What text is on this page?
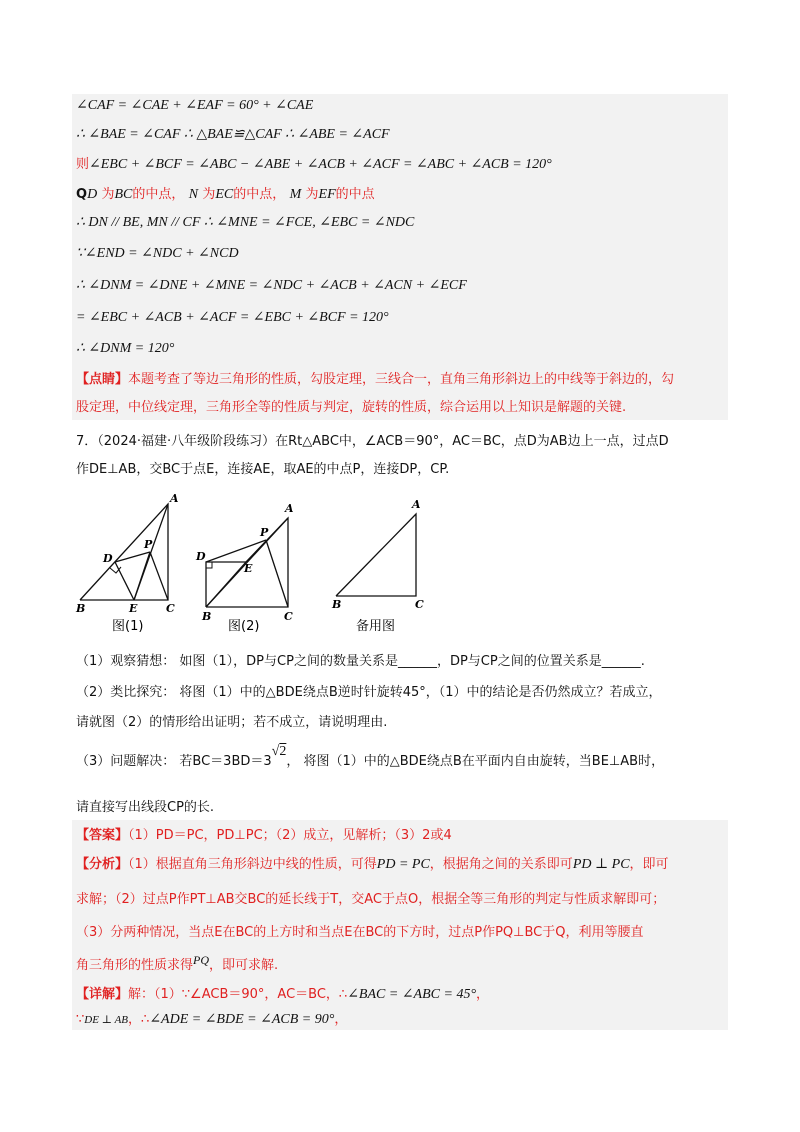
∠CAF = ∠CAE + ∠EAF = 60° + ∠CAE
∴ ∠BAE = ∠CAF ∴ △BAE≌△CAF ∴ ∠ABE = ∠ACF
则∠EBC + ∠BCF = ∠ABC − ∠ABE + ∠ACB + ∠ACF = ∠ABC + ∠ACB = 120°
QD 为BC的中点， N 为EC的中点， M 为EF的中点
∴ DN // BE, MN // CF ∴ ∠MNE = ∠FCE, ∠EBC = ∠NDC
∵∠END = ∠NDC + ∠NCD
∴ ∠DNM = ∠DNE + ∠MNE = ∠NDC + ∠ACB + ∠ACN + ∠ECF
= ∠EBC + ∠ACB + ∠ACF = ∠EBC + ∠BCF = 120°
∴ ∠DNM = 120°
【点睛】本题考查了等边三角形的性质，勾股定理，三线合一，直角三角形斜边上的中线等于斜边的，勾
股定理，中位线定理，三角形全等的性质与判定，旋转的性质，综合运用以上知识是解题的关键.
7．（2024·福建·八年级阶段练习）在Rt△ABC中，∠ACB＝90°，AC＝BC，点D为AB边上一点，过点D
作DE⊥AB，交BC于点E，连接AE，取AE的中点P，连接DP，CP.
A
D
P
B	E	C
图(1)
A
D
P
E
B	C
图(2)
A
B	C
备用图
（1）观察猜想： 如图（1），DP与CP之间的数量关系是______，DP与CP之间的位置关系是______.
（2）类比探究： 将图（1）中的△BDE绕点B逆时针旋转45°，（1）中的结论是否仍然成立？若成立，
请就图（2）的情形给出证明；若不成立，请说明理由.
（3）问题解决： 若BC＝3BD＝3√2， 将图（1）中的△BDE绕点B在平面内自由旋转，当BE⊥AB时，
请直接写出线段CP的长.
【答案】（1）PD＝PC，PD⊥PC；（2）成立，见解析；（3）2或4
【分析】（1）根据直角三角形斜边中线的性质，可得PD = PC，根据角之间的关系即可PD ⊥ PC，即可
求解；（2）过点P作PT⊥AB交BC的延长线于T，交AC于点O，根据全等三角形的判定与性质求解即可；
（3）分两种情况，当点E在BC的上方时和当点E在BC的下方时，过点P作PQ⊥BC于Q，利用等腰直
角三角形的性质求得PQ，即可求解.
【详解】解：（1）∵∠ACB＝90°，AC＝BC，∴∠BAC = ∠ABC = 45°，
∵DE ⊥ AB，∴∠ADE = ∠BDE = ∠ACB = 90°，
